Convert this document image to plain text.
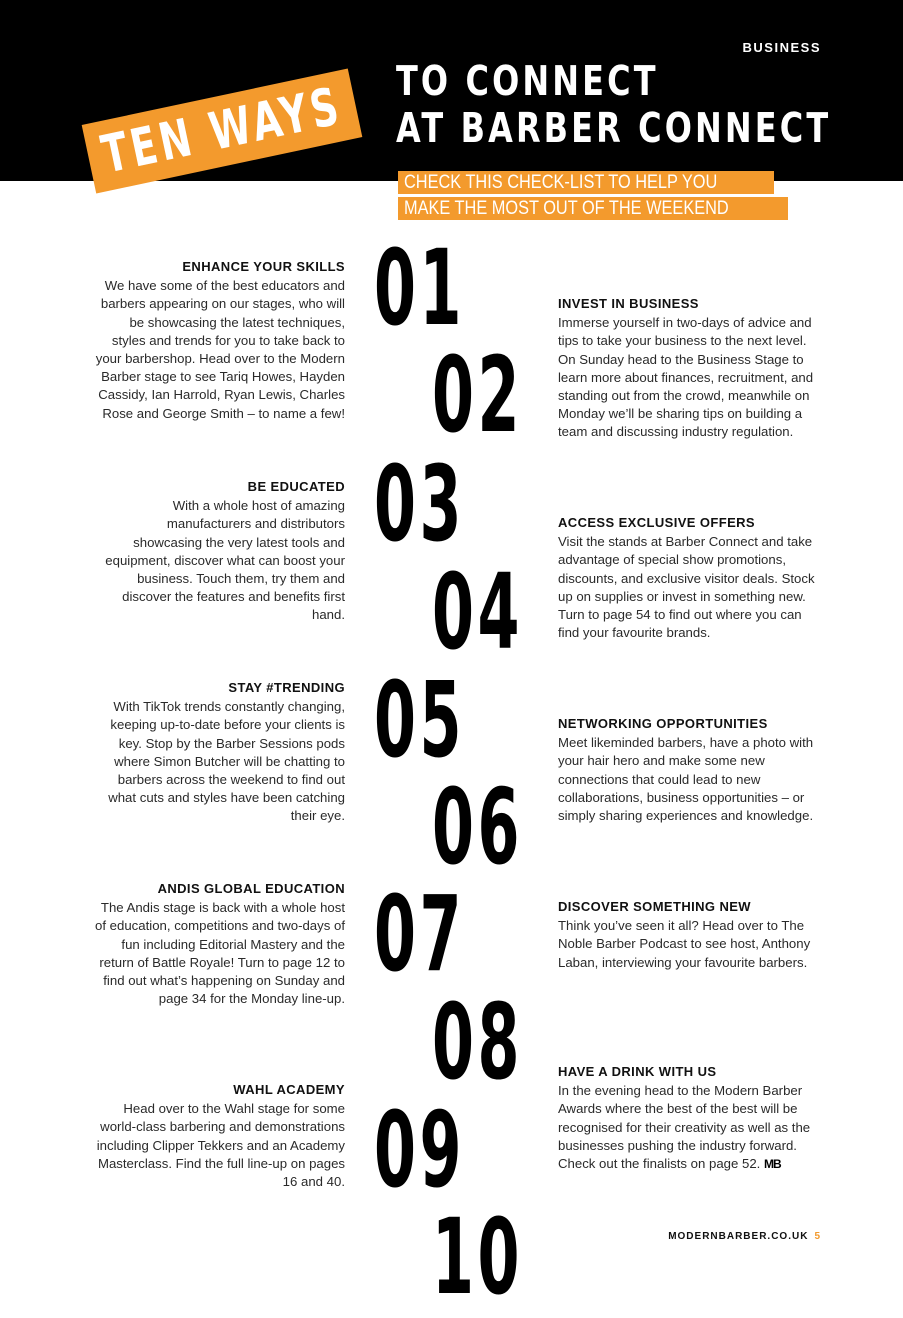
BUSINESS
TO CONNECT
AT BARBER CONNECT
TEN WAYS	CHECK THIS CHECK-LIST TO HELP YOU
MAKE THE MOST OUT OF THE WEEKEND
01
02
03
04
05
06
07
08
09
10
ENHANCE YOUR SKILLS

We have some of the best educators and barbers appearing on our stages, who will be showcasing the latest techniques, styles and trends for you to take back to your barbershop. Head over to the Modern Barber stage to see Tariq Howes, Hayden Cassidy, Ian Harrold, Ryan Lewis, Charles Rose and George Smith – to name a few!

INVEST IN BUSINESS

Immerse yourself in two-days of advice and tips to take your business to the next level. On Sunday head to the Business Stage to learn more about finances, recruitment, and standing out from the crowd, meanwhile on Monday we’ll be sharing tips on building a team and discussing industry regulation.

BE EDUCATED

With a whole host of amazing manufacturers and distributors showcasing the very latest tools and equipment, discover what can boost your business. Touch them, try them and discover the features and benefits first hand.

ACCESS EXCLUSIVE OFFERS

Visit the stands at Barber Connect and take advantage of special show promotions, discounts, and exclusive visitor deals. Stock up on supplies or invest in something new. Turn to page 54 to find out where you can find your favourite brands.

STAY #TRENDING

With TikTok trends constantly changing, keeping up-to-date before your clients is key. Stop by the Barber Sessions pods where Simon Butcher will be chatting to barbers across the weekend to find out what cuts and styles have been catching their eye.

NETWORKING OPPORTUNITIES

Meet likeminded barbers, have a photo with your hair hero and make some new connections that could lead to new collaborations, business opportunities – or simply sharing experiences and knowledge.

ANDIS GLOBAL EDUCATION

The Andis stage is back with a whole host of education, competitions and two-days of fun including Editorial Mastery and the return of Battle Royale! Turn to page 12 to find out what’s happening on Sunday and page 34 for the Monday line-up.

DISCOVER SOMETHING NEW

Think you’ve seen it all? Head over to The Noble Barber Podcast to see host, Anthony Laban, interviewing your favourite barbers.

WAHL ACADEMY

Head over to the Wahl stage for some world-class barbering and demonstrations including Clipper Tekkers and an Academy Masterclass. Find the full line-up on pages 16 and 40.

HAVE A DRINK WITH US

In the evening head to the Modern Barber Awards where the best of the best will be recognised for their creativity as well as the businesses pushing the industry forward. Check out the finalists on page 52. MB

MODERNBARBER.CO.UK 5
